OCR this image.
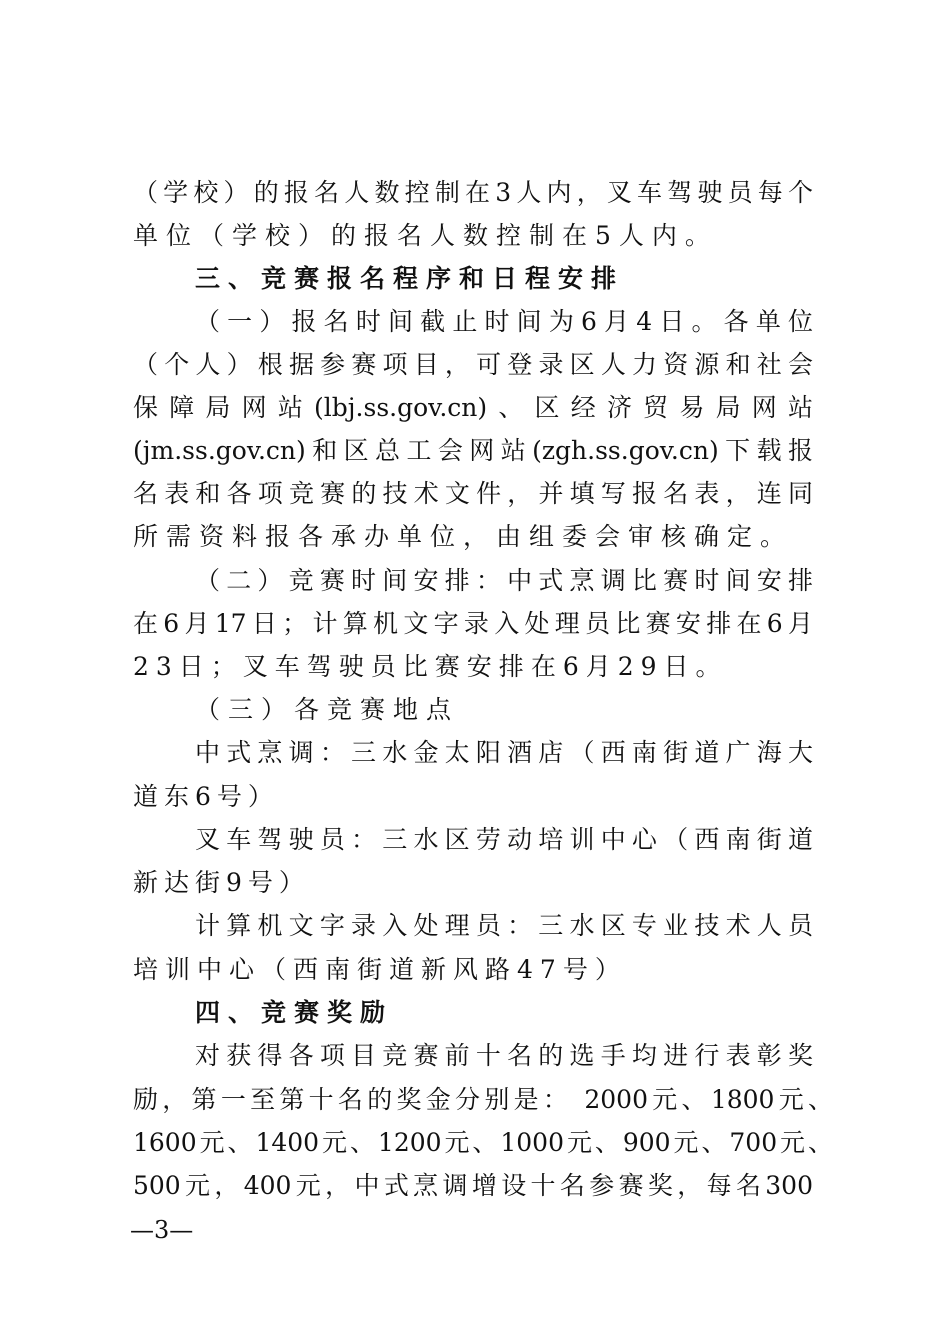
（学校）的报名人数控制在3人内，叉车驾驶员每个
单位（学校）的报名人数控制在5人内。
三、竞赛报名程序和日程安排
（一）报名时间截止时间为6月4日。各单位
（个人）根据参赛项目，可登录区人力资源和社会
保障局网站(lbj.ss.gov.cn)、区经济贸易局网站
(jm.ss.gov.cn)和区总工会网站(zgh.ss.gov.cn)下载报
名表和各项竞赛的技术文件，并填写报名表，连同
所需资料报各承办单位，由组委会审核确定。
（二）竞赛时间安排：中式烹调比赛时间安排
在6月17日；计算机文字录入处理员比赛安排在6月
23日；叉车驾驶员比赛安排在6月29日。
（三）各竞赛地点
中式烹调：三水金太阳酒店（西南街道广海大
道东6号）
叉车驾驶员：三水区劳动培训中心（西南街道
新达街9号）
计算机文字录入处理员：三水区专业技术人员
培训中心（西南街道新风路47号）
四、竞赛奖励
对获得各项目竞赛前十名的选手均进行表彰奖
励，第一至第十名的奖金分别是： 2000元、1800元、
1600元、1400元、1200元、1000元、900元、700元、
500元，400元，中式烹调增设十名参赛奖，每名300
—3—
